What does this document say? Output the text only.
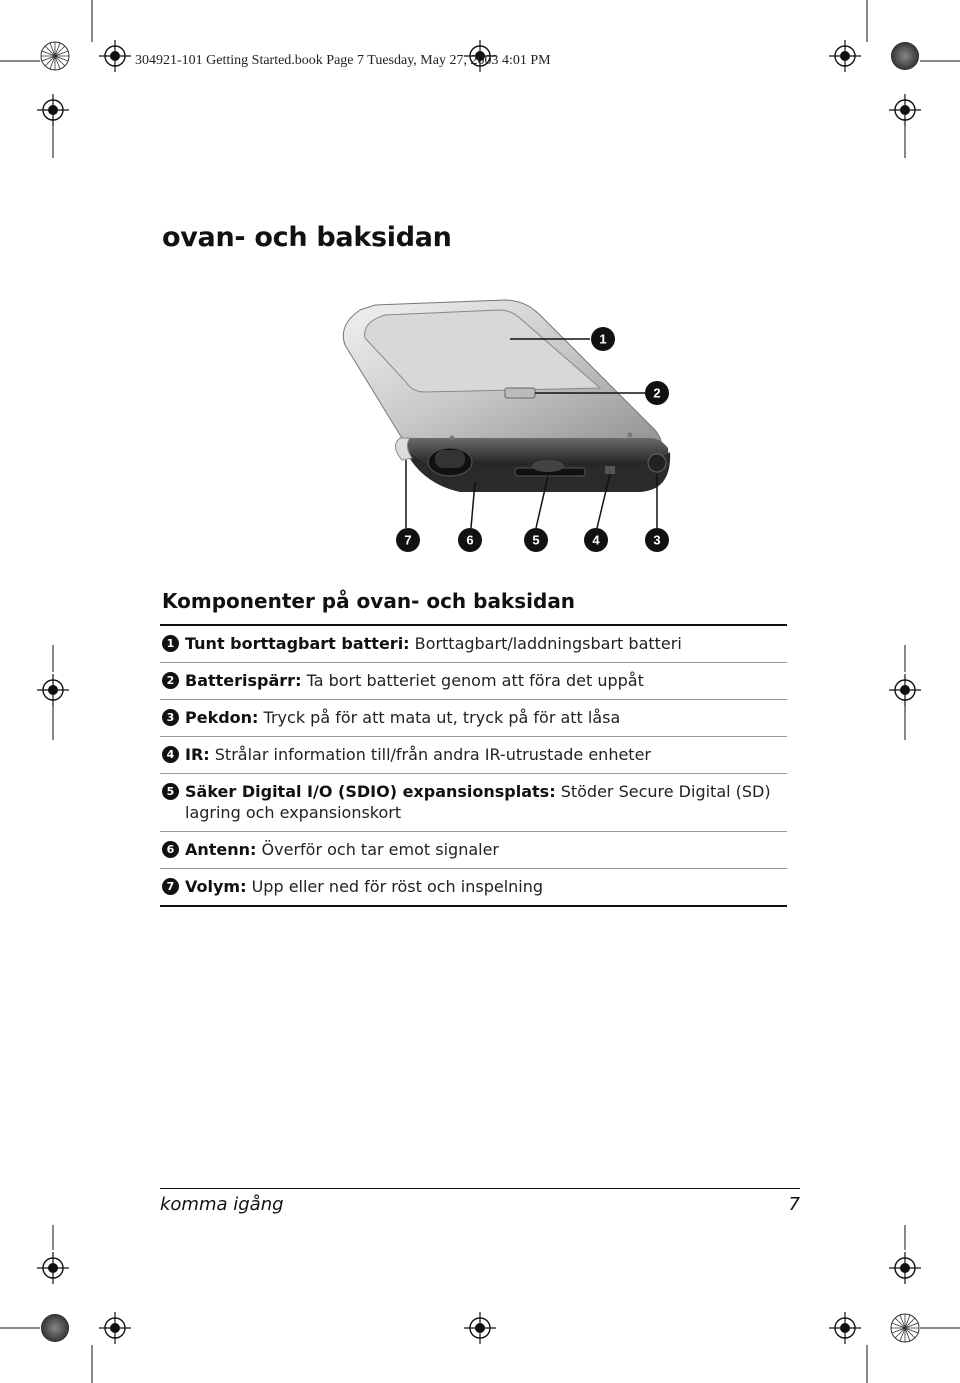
304921-101 Getting Started.book Page 7 Tuesday, May 27, 2003 4:01 PM
ovan- och baksidan
1
2
3
4
5
6
7
Komponenter på ovan- och baksidan
1 Tunt borttagbart batteri: Borttagbart/laddningsbart batteri
2 Batterispärr: Ta bort batteriet genom att föra det uppåt
3 Pekdon: Tryck på för att mata ut, tryck på för att låsa
4 IR: Strålar information till/från andra IR-utrustade enheter
5 Säker Digital I/O (SDIO) expansionsplats: Stöder Secure Digital (SD) lagring och expansionskort
6 Antenn: Överför och tar emot signaler
7 Volym: Upp eller ned för röst och inspelning
komma igång	7
